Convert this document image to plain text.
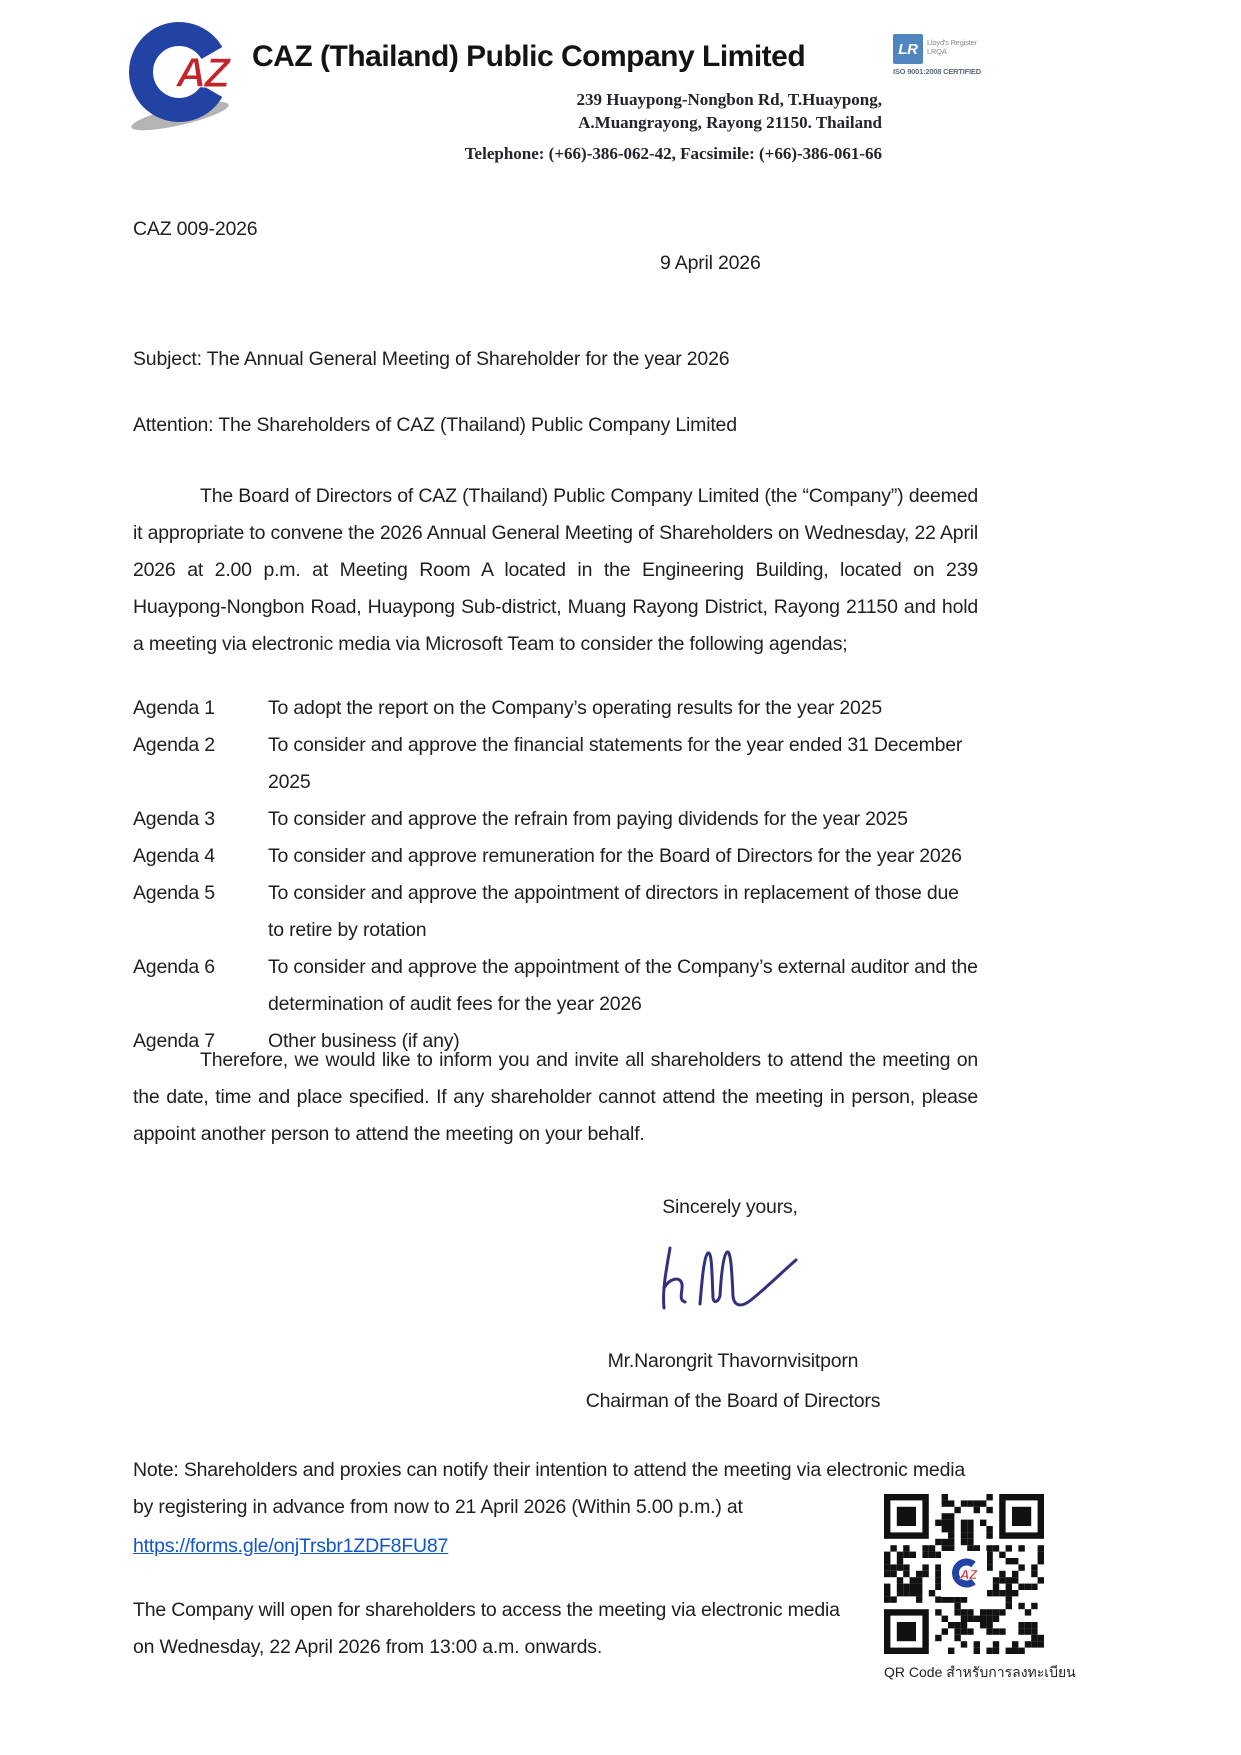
AZ CAZ (Thailand) Public Company Limited	LR	Lloyd's Register
LRQA
ISO 9001:2008 CERTIFIED
239 Huaypong-Nongbon Rd, T.Huaypong,
A.Muangrayong, Rayong 21150. Thailand
Telephone: (+66)-386-062-42, Facsimile: (+66)-386-061-66
CAZ 009-2026
9 April 2026
Subject: The Annual General Meeting of Shareholder for the year 2026
Attention: The Shareholders of CAZ (Thailand) Public Company Limited
The Board of Directors of CAZ (Thailand) Public Company Limited (the “Company”) deemed it appropriate to convene the 2026 Annual General Meeting of Shareholders on Wednesday, 22 April 2026 at 2.00 p.m. at Meeting Room A located in the Engineering Building, located on 239 Huaypong-Nongbon Road, Huaypong Sub-district, Muang Rayong District, Rayong 21150 and hold a meeting via electronic media via Microsoft Team to consider the following agendas;
Agenda 1	To adopt the report on the Company’s operating results for the year 2025
Agenda 2	To consider and approve the financial statements for the year ended 31 December 2025
Agenda 3	To consider and approve the refrain from paying dividends for the year 2025
Agenda 4	To consider and approve remuneration for the Board of Directors for the year 2026
Agenda 5	To consider and approve the appointment of directors in replacement of those due to retire by rotation
Agenda 6	To consider and approve the appointment of the Company’s external auditor and the determination of audit fees for the year 2026
Agenda 7	Other business (if any)
Therefore, we would like to inform you and invite all shareholders to attend the meeting on the date, time and place specified. If any shareholder cannot attend the meeting in person, please appoint another person to attend the meeting on your behalf.
Sincerely yours,
Mr.Narongrit Thavornvisitporn
Chairman of the Board of Directors
Note: Shareholders and proxies can notify their intention to attend the meeting via electronic media by registering in advance from now to 21 April 2026 (Within 5.00 p.m.) at
https://forms.gle/onjTrsbr1ZDF8FU87
The Company will open for shareholders to access the meeting via electronic media on Wednesday, 22 April 2026 from 13:00 a.m. onwards.
AZ
QR Code สำหรับการลงทะเบียน
